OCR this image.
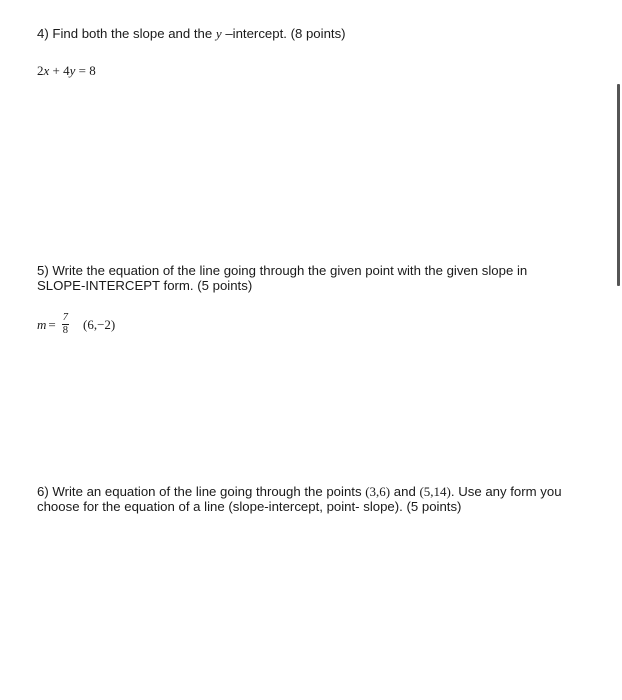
4) Find both the slope and the y –intercept. (8 points)

2x + 4y = 8

5) Write the equation of the line going through the given point with the given slope in SLOPE-INTERCEPT form. (5 points)

$m = \frac{7}{8} (6,-2)$

6) Write an equation of the line going through the points (3,6) and (5,14). Use any form you choose for the equation of a line (slope-intercept, point- slope). (5 points)
